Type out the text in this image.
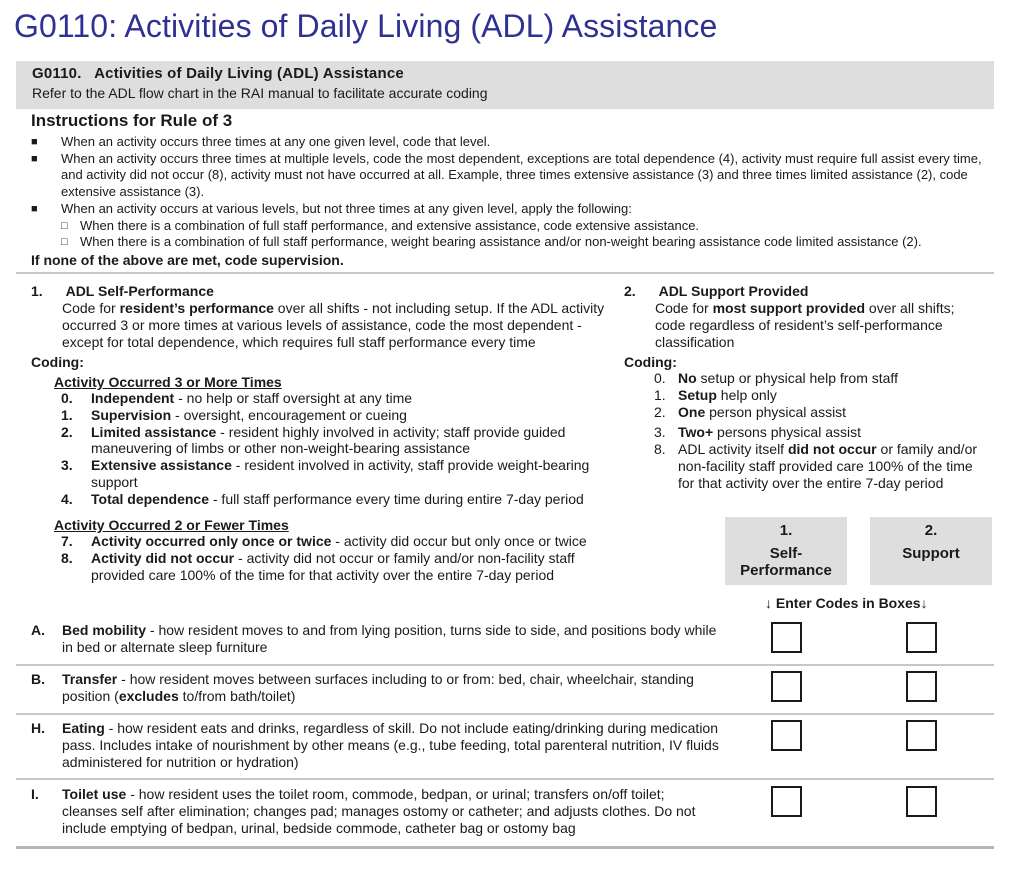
G0110: Activities of Daily Living (ADL) Assistance
G0110.   Activities of Daily Living (ADL) Assistance
Refer to the ADL flow chart in the RAI manual to facilitate accurate coding
Instructions for Rule of 3
■ When an activity occurs three times at any one given level, code that level.
■ When an activity occurs three times at multiple levels, code the most dependent, exceptions are total dependence (4), activity must require full assist every time, and activity did not occur (8), activity must not have occurred at all. Example, three times extensive assistance (3) and three times limited assistance (2), code extensive assistance (3).
■ When an activity occurs at various levels, but not three times at any given level, apply the following:
□ When there is a combination of full staff performance, and extensive assistance, code extensive assistance.
□ When there is a combination of full staff performance, weight bearing assistance and/or non-weight bearing assistance code limited assistance (2).
If none of the above are met, code supervision.
1. ADL Self-Performance
Code for resident’s performance over all shifts - not including setup. If the ADL activity
occurred 3 or more times at various levels of assistance, code the most dependent -
except for total dependence, which requires full staff performance every time
Coding:
Activity Occurred 3 or More Times
0. Independent - no help or staff oversight at any time
1. Supervision - oversight, encouragement or cueing
2. Limited assistance - resident highly involved in activity; staff provide guided
maneuvering of limbs or other non-weight-bearing assistance
3. Extensive assistance - resident involved in activity, staff provide weight-bearing
support
4. Total dependence - full staff performance every time during entire 7-day period
Activity Occurred 2 or Fewer Times
7. Activity occurred only once or twice - activity did occur but only once or twice
8. Activity did not occur - activity did not occur or family and/or non-facility staff
provided care 100% of the time for that activity over the entire 7-day period
2. ADL Support Provided
Code for most support provided over all shifts;
code regardless of resident’s self-performance
classification
Coding:
0. No setup or physical help from staff
1. Setup help only
2. One person physical assist
3. Two+ persons physical assist
8. ADL activity itself did not occur or family and/or
non-facility staff provided care 100% of the time
for that activity over the entire 7-day period
1.
Self-
Performance
2.
Support
↓ Enter Codes in Boxes↓
A.	Bed mobility - how resident moves to and from lying position, turns side to side, and positions body while
in bed or alternate sleep furniture
B.	Transfer - how resident moves between surfaces including to or from: bed, chair, wheelchair, standing
position (excludes to/from bath/toilet)
H.	Eating - how resident eats and drinks, regardless of skill. Do not include eating/drinking during medication
pass. Includes intake of nourishment by other means (e.g., tube feeding, total parenteral nutrition, IV fluids
administered for nutrition or hydration)
I.	Toilet use - how resident uses the toilet room, commode, bedpan, or urinal; transfers on/off toilet;
cleanses self after elimination; changes pad; manages ostomy or catheter; and adjusts clothes. Do not
include emptying of bedpan, urinal, bedside commode, catheter bag or ostomy bag
